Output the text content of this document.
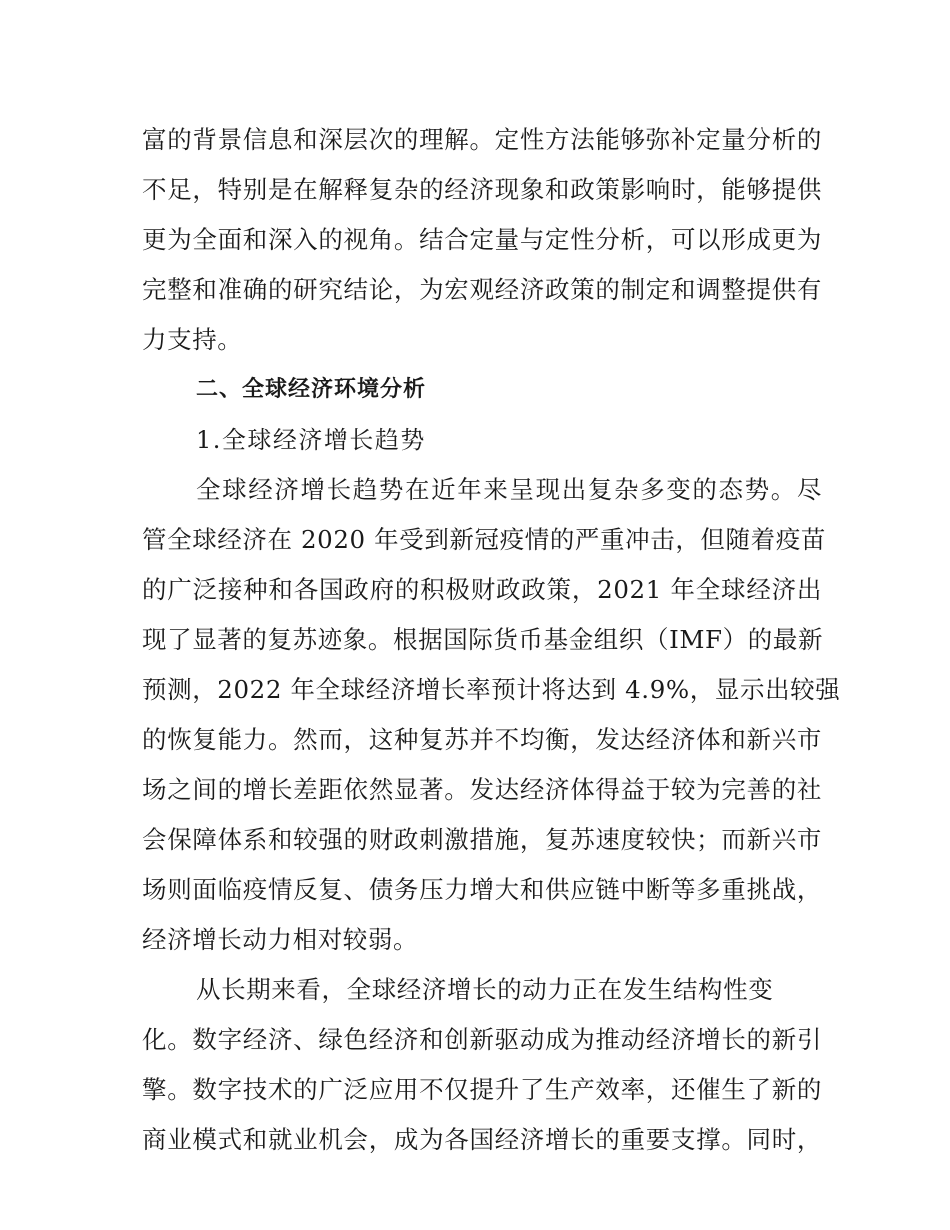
富的背景信息和深层次的理解。定性方法能够弥补定量分析的
不足，特别是在解释复杂的经济现象和政策影响时，能够提供
更为全面和深入的视角。结合定量与定性分析，可以形成更为
完整和准确的研究结论，为宏观经济政策的制定和调整提供有
力支持。
二、全球经济环境分析
1.全球经济增长趋势
全球经济增长趋势在近年来呈现出复杂多变的态势。尽
管全球经济在 2020 年受到新冠疫情的严重冲击，但随着疫苗
的广泛接种和各国政府的积极财政政策，2021 年全球经济出
现了显著的复苏迹象。根据国际货币基金组织（IMF）的最新
预测，2022 年全球经济增长率预计将达到 4.9%，显示出较强
的恢复能力。然而，这种复苏并不均衡，发达经济体和新兴市
场之间的增长差距依然显著。发达经济体得益于较为完善的社
会保障体系和较强的财政刺激措施，复苏速度较快；而新兴市
场则面临疫情反复、债务压力增大和供应链中断等多重挑战，
经济增长动力相对较弱。
从长期来看，全球经济增长的动力正在发生结构性变
化。数字经济、绿色经济和创新驱动成为推动经济增长的新引
擎。数字技术的广泛应用不仅提升了生产效率，还催生了新的
商业模式和就业机会，成为各国经济增长的重要支撑。同时，
